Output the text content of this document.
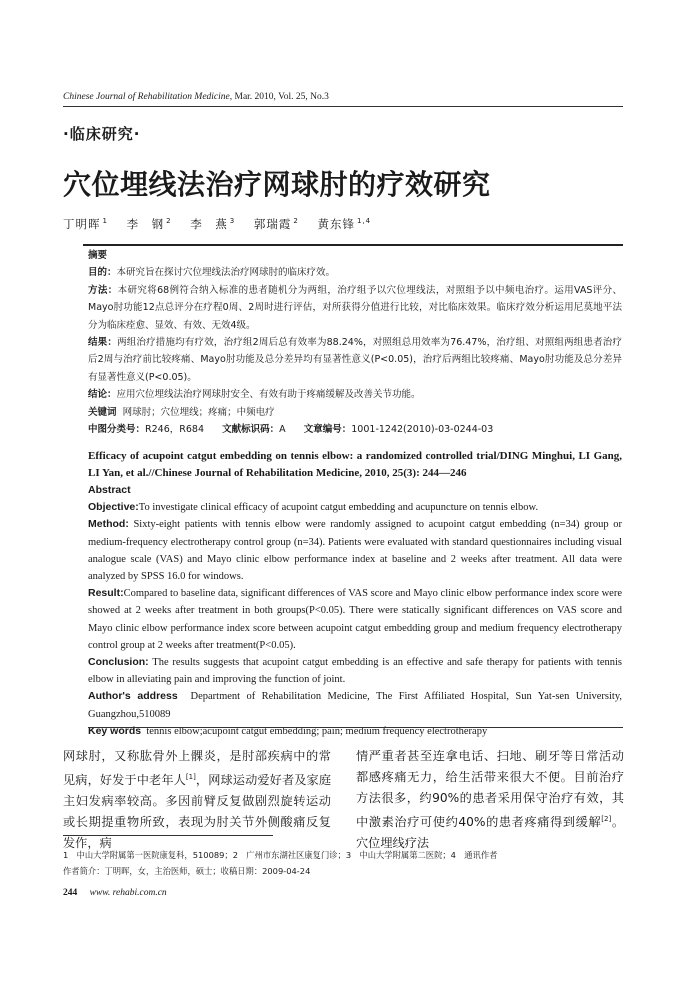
Chinese Journal of Rehabilitation Medicine, Mar. 2010, Vol. 25, No.3
·临床研究·
穴位埋线法治疗网球肘的疗效研究
丁明晖 $^1$ 李　钢 $^2$ 李　燕 $^3$ 郭瑞霞 $^2$ 黄东锋 $^{1,4}$

摘要

目的：本研究旨在探讨穴位埋线法治疗网球肘的临床疗效。

方法：本研究将68例符合纳入标准的患者随机分为两组，治疗组予以穴位埋线法，对照组予以中频电治疗。运用VAS评分、Mayo肘功能12点总评分在疗程0周、2周时进行评估，对所获得分值进行比较，对比临床效果。临床疗效分析运用尼莫地平法分为临床痊愈、显效、有效、无效4级。

结果：两组治疗措施均有疗效，治疗组2周后总有效率为88.24%，对照组总用效率为76.47%，治疗组、对照组两组患者治疗后2周与治疗前比较疼痛、Mayo肘功能及总分差异均有显著性意义(P<0.05)，治疗后两组比较疼痛、Mayo肘功能及总分差异有显著性意义(P<0.05)。

结论：应用穴位埋线法治疗网球肘安全、有效有助于疼痛缓解及改善关节功能。

关键词 网球肘；穴位埋线；疼痛；中频电疗

中图分类号：R246，R684 文献标识码：A 文章编号：1001-1242(2010)-03-0244-03

Efficacy of acupoint catgut embedding on tennis elbow: a randomized controlled trial/DING Minghui, LI Gang, LI Yan, et al.//Chinese Journal of Rehabilitation Medicine, 2010, 25(3): 244—246

Abstract

Objective:To investigate clinical efficacy of acupoint catgut embedding and acupuncture on tennis elbow.

Method: Sixty-eight patients with tennis elbow were randomly assigned to acupoint catgut embedding (n=34) group or medium-frequency electrotherapy control group (n=34). Patients were evaluated with standard questionnaires including visual analogue scale (VAS) and Mayo clinic elbow performance index at baseline and 2 weeks after treatment. All data were analyzed by SPSS 16.0 for windows.

Result:Compared to baseline data, significant differences of VAS score and Mayo clinic elbow performance index score were showed at 2 weeks after treatment in both groups(P<0.05). There were statically significant differences on VAS score and Mayo clinic elbow performance index score between acupoint catgut embedding group and medium frequency electrotherapy control group at 2 weeks after treatment(P<0.05).

Conclusion: The results suggests that acupoint catgut embedding is an effective and safe therapy for patients with tennis elbow in alleviating pain and improving the function of joint.

Author's address Department of Rehabilitation Medicine, The First Affiliated Hospital, Sun Yat-sen University, Guangzhou,510089

Key words tennis elbow;acupoint catgut embedding; pain; medium frequency electrotherapy

网球肘，又称肱骨外上髁炎，是肘部疾病中的常见病，好发于中老年人[1]，网球运动爱好者及家庭主妇发病率较高。多因前臂反复做剧烈旋转运动或长期提重物所致，表现为肘关节外侧酸痛反复发作，病

情严重者甚至连拿电话、扫地、刷牙等日常活动都感疼痛无力，给生活带来很大不便。目前治疗方法很多，约90%的患者采用保守治疗有效，其中激素治疗可使约40%的患者疼痛得到缓解[2]。穴位埋线疗法

1　中山大学附属第一医院康复科，510089；2　广州市东湖社区康复门诊；3　中山大学附属第二医院；4　通讯作者
作者简介：丁明晖，女，主治医师，硕士；收稿日期：2009-04-24
244 www. rehabi.com.cn
